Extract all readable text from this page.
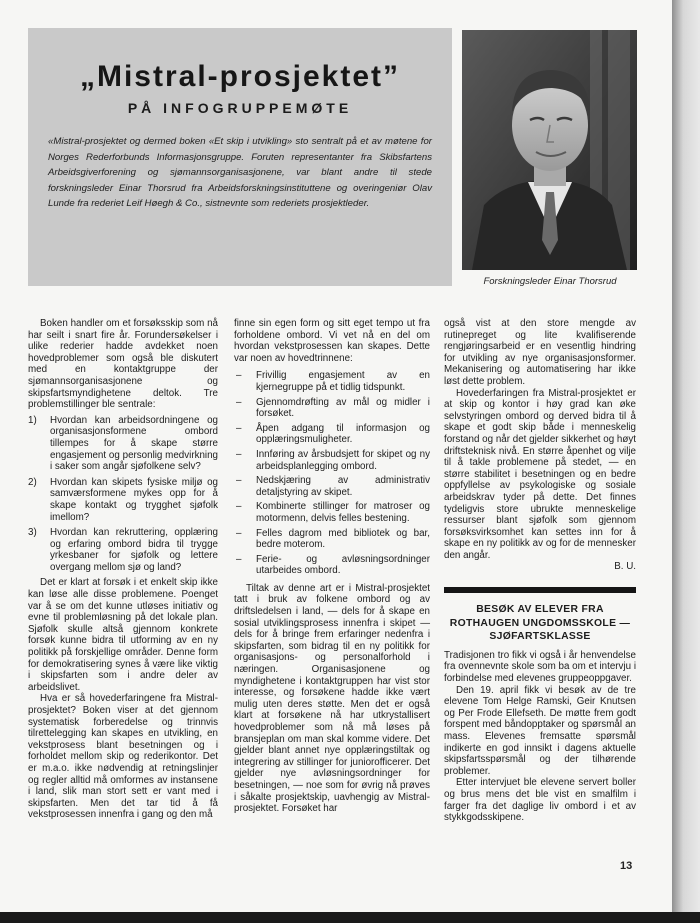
„Mistral-prosjektet”
PÅ INFOGRUPPEMØTE

«Mistral-prosjektet og dermed boken «Et skip i utvikling» sto sentralt på et av møtene for Norges Rederforbunds Informasjonsgruppe. Foruten representanter fra Skibsfartens Arbeidsgiverforening og sjømannsorganisasjonene, var blant andre til stede forskningsleder Einar Thorsrud fra Arbeidsforskningsinstituttene og overingeniør Olav Lunde fra rederiet Leif Høegh & Co., sistnevnte som rederiets prosjektleder.

Forskningsleder Einar Thorsrud

Boken handler om et forsøksskip som nå har seilt i snart fire år. Forundersøkelser i ulike rederier hadde avdekket noen hovedproblemer som også ble diskutert med en kontaktgruppe der sjømannsorganisasjonene og skipsfartsmyndighetene deltok. Tre problemstillinger ble sentrale:

1) Hvordan kan arbeidsordningene og organisasjonsformene ombord tillempes for å skape større engasjement og personlig medvirkning i saker som angår sjøfolkene selv?
2) Hvordan kan skipets fysiske miljø og samværsformene mykes opp for å skape kontakt og trygghet sjøfolk imellom?
3) Hvordan kan rekruttering, opplæring og erfaring ombord bidra til trygge yrkesbaner for sjøfolk og lettere overgang mellom sjø og land?

Det er klart at forsøk i et enkelt skip ikke kan løse alle disse problemene. Poenget var å se om det kunne utløses initiativ og evne til problemløsning på det lokale plan. Sjøfolk skulle altså gjennom konkrete forsøk kunne bidra til utforming av en ny politikk på forskjellige områder. Denne form for demokratisering synes å være like viktig i skipsfarten som i andre deler av arbeidslivet.

Hva er så hovederfaringene fra Mistral-prosjektet? Boken viser at det gjennom systematisk forberedelse og trinnvis tilrettelegging kan skapes en utvikling, en vekstprosess blant besetningen og i forholdet mellom skip og rederikontor. Det er m.a.o. ikke nødvendig at retningslinjer og regler alltid må omformes av instansene i land, slik man stort sett er vant med i skipsfarten. Men det tar tid å få vekstprosessen innenfra i gang og den må

finne sin egen form og sitt eget tempo ut fra forholdene ombord. Vi vet nå en del om hvordan vekstprosessen kan skapes. Dette var noen av hovedtrinnene:

– Frivillig engasjement av en kjernegruppe på et tidlig tidspunkt.
– Gjennomdrøfting av mål og midler i forsøket.
– Åpen adgang til informasjon og opplæringsmuligheter.
– Innføring av årsbudsjett for skipet og ny arbeidsplanlegging ombord.
– Nedskjæring av administrativ detaljstyring av skipet.
– Kombinerte stillinger for matroser og motormenn, delvis felles bestening.
– Felles dagrom med bibliotek og bar, bedre moterom.
– Ferie- og avløsningsordninger utarbeides ombord.

Tiltak av denne art er i Mistral-prosjektet tatt i bruk av folkene ombord og av driftsledelsen i land, — dels for å skape en sosial utviklingsprosess innenfra i skipet — dels for å bringe frem erfaringer nedenfra i skipsfarten, som bidrag til en ny politikk for organisasjons- og personalforhold i næringen. Organisasjonene og myndighetene i kontaktgruppen har vist stor interesse, og forsøkene hadde ikke vært mulig uten deres støtte. Men det er også klart at forsøkene nå har utkrystallisert hovedproblemer som nå må løses på bransjeplan om man skal komme videre. Det gjelder blant annet nye opplæringstiltak og integrering av stillinger for juniorofficerer. Det gjelder nye avløsningsordninger for besetningen, — noe som for øvrig nå prøves i såkalte prosjektskip, uavhengig av Mistral-prosjektet. Forsøket har

også vist at den store mengde av rutinepreget og lite kvalifiserende rengjøringsarbeid er en vesentlig hindring for utvikling av nye organisasjonsformer. Mekanisering og automatisering har ikke løst dette problem.

Hovederfaringen fra Mistral-prosjektet er at skip og kontor i høy grad kan øke selvstyringen ombord og derved bidra til å skape et godt skip både i menneskelig forstand og når det gjelder sikkerhet og høyt driftsteknisk nivå. En større åpenhet og vilje til å takle problemene på stedet, — en større stabilitet i besetningen og en bedre oppfyllelse av psykologiske og sosiale arbeidskrav tyder på dette. Det finnes tydeligvis store ubrukte menneskelige ressurser blant sjøfolk som gjennom forsøksvirksomhet kan settes inn for å skape en ny politikk av og for de mennesker den angår.

B. U.

BESØK AV ELEVER FRA ROTHAUGEN UNGDOMSSKOLE — SJØFARTSKLASSE

Tradisjonen tro fikk vi også i år henvendelse fra ovennevnte skole som ba om et intervju i forbindelse med elevenes gruppeoppgaver.

Den 19. april fikk vi besøk av de tre elevene Tom Helge Ramski, Geir Knutsen og Per Frode Ellefseth. De møtte frem godt forspent med båndopptaker og spørsmål an mass. Elevenes fremsatte spørsmål indikerte en god innsikt i dagens aktuelle skipsfartsspørsmål og der tilhørende problemer.

Etter intervjuet ble elevene servert boller og brus mens det ble vist en smalfilm i farger fra det daglige liv ombord i et av stykkgodsskipene.

13
